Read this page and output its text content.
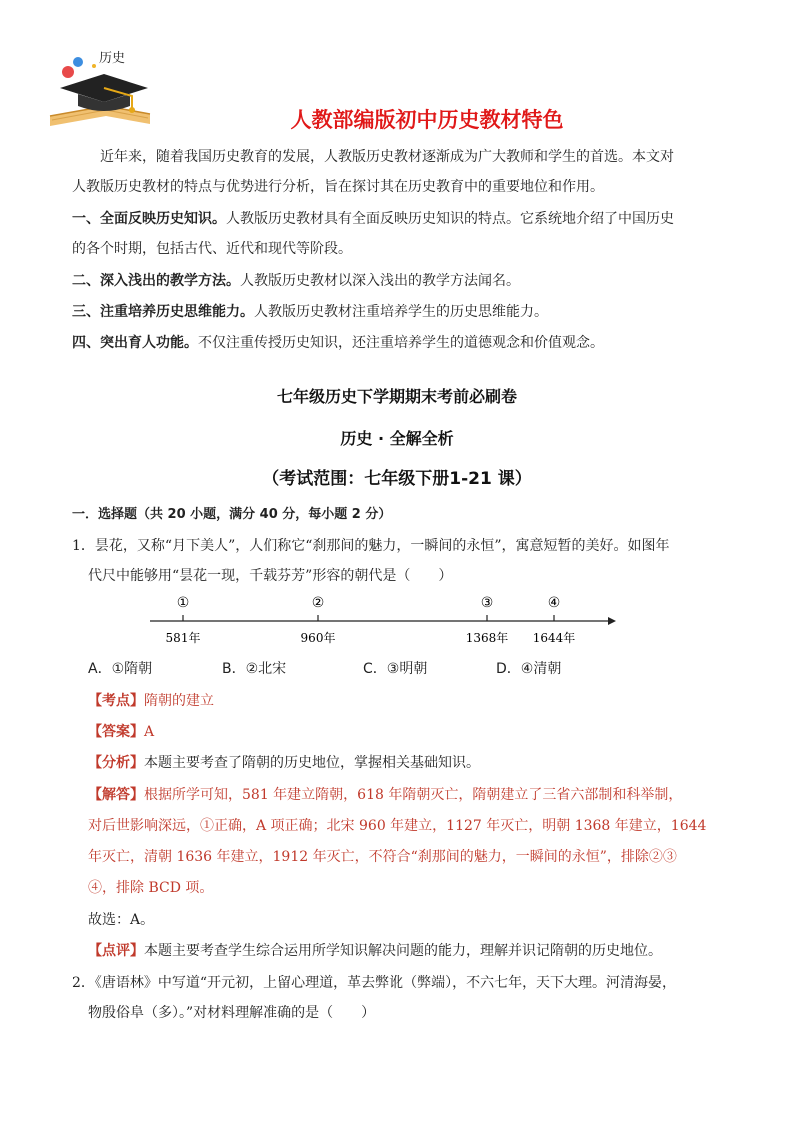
历史
人教部编版初中历史教材特色
近年来，随着我国历史教育的发展，人教版历史教材逐渐成为广大教师和学生的首选。本文对
人教版历史教材的特点与优势进行分析，旨在探讨其在历史教育中的重要地位和作用。
一、全面反映历史知识。人教版历史教材具有全面反映历史知识的特点。它系统地介绍了中国历史
的各个时期，包括古代、近代和现代等阶段。
二、深入浅出的教学方法。人教版历史教材以深入浅出的教学方法闻名。
三、注重培养历史思维能力。人教版历史教材注重培养学生的历史思维能力。
四、突出育人功能。不仅注重传授历史知识，还注重培养学生的道德观念和价值观念。
七年级历史下学期期末考前必刷卷
历史 · 全解全析
（考试范围：七年级下册1-21 课）
一．选择题（共 20 小题，满分 40 分，每小题 2 分）
1．昙花，又称“月下美人”，人们称它“刹那间的魅力，一瞬间的永恒”，寓意短暂的美好。如图年
代尺中能够用“昙花一现，千载芬芳”形容的朝代是（　　）
①
581年
②
960年
③
1368年
④
1644年
A．①隋朝	B．②北宋	C．③明朝	D．④清朝
【考点】隋朝的建立
【答案】A
【分析】本题主要考查了隋朝的历史地位，掌握相关基础知识。
【解答】根据所学可知，581 年建立隋朝，618 年隋朝灭亡，隋朝建立了三省六部制和科举制，
对后世影响深远，①正确，A 项正确；北宋 960 年建立，1127 年灭亡，明朝 1368 年建立，1644
年灭亡，清朝 1636 年建立，1912 年灭亡，不符合“刹那间的魅力，一瞬间的永恒”，排除②③
④，排除 BCD 项。
故选：A。
【点评】本题主要考查学生综合运用所学知识解决问题的能力，理解并识记隋朝的历史地位。
2．《唐语林》中写道“开元初，上留心理道，革去弊讹（弊端），不六七年，天下大理。河清海晏，
物殷俗阜（多）。”对材料理解准确的是（　　）
